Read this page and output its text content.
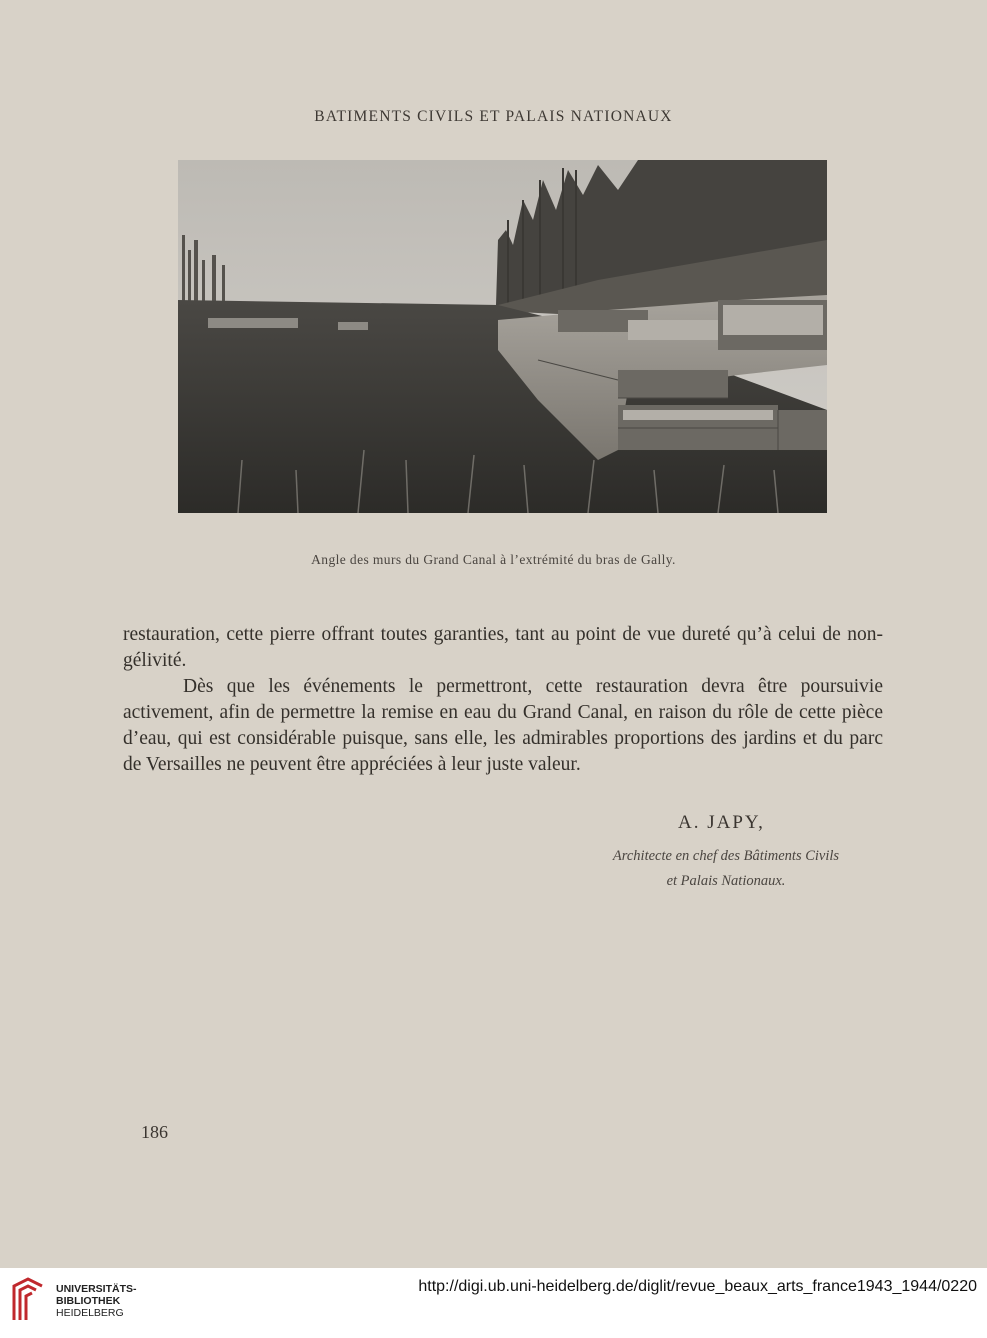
BATIMENTS CIVILS ET PALAIS NATIONAUX
Angle des murs du Grand Canal à l’extrémité du bras de Gally.

restauration, cette pierre offrant toutes garanties, tant au point de vue dureté qu’à celui de non-gélivité.

Dès que les événements le permettront, cette restauration devra être poursuivie activement, afin de permettre la remise en eau du Grand Canal, en raison du rôle de cette pièce d’eau, qui est considérable puisque, sans elle, les admirables proportions des jardins et du parc de Versailles ne peuvent être appréciées à leur juste valeur.

A. JAPY,
Architecte en chef des Bâtiments Civils
et Palais Nationaux.
186
UNIVERSITÄTS-
BIBLIOTHEK
HEIDELBERG
http://digi.ub.uni-heidelberg.de/diglit/revue_beaux_arts_france1943_1944/0220
